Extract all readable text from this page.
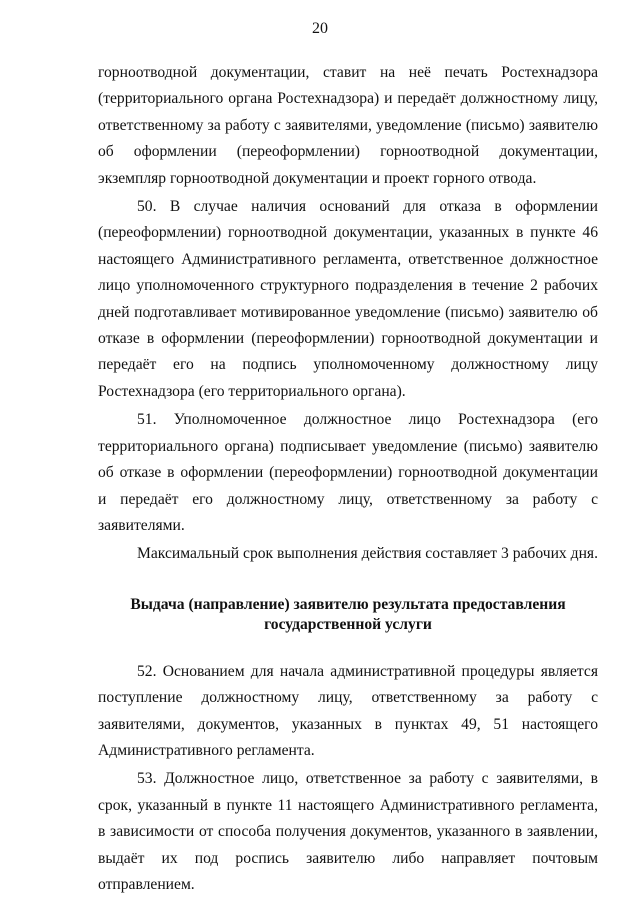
20

горноотводной документации, ставит на неё печать Ростехнадзора (территориального органа Ростехнадзора) и передаёт должностному лицу, ответственному за работу с заявителями, уведомление (письмо) заявителю об оформлении (переоформлении) горноотводной документации, экземпляр горноотводной документации и проект горного отвода.

50. В случае наличия оснований для отказа в оформлении (переоформлении) горноотводной документации, указанных в пункте 46 настоящего Административного регламента, ответственное должностное лицо уполномоченного структурного подразделения в течение 2 рабочих дней подготавливает мотивированное уведомление (письмо) заявителю об отказе в оформлении (переоформлении) горноотводной документации и передаёт его на подпись уполномоченному должностному лицу Ростехнадзора (его территориального органа).

51. Уполномоченное должностное лицо Ростехнадзора (его территориального органа) подписывает уведомление (письмо) заявителю об отказе в оформлении (переоформлении) горноотводной документации и передаёт его должностному лицу, ответственному за работу с заявителями.

Максимальный срок выполнения действия составляет 3 рабочих дня.

Выдача (направление) заявителю результата предоставления
государственной услуги

52. Основанием для начала административной процедуры является поступление должностному лицу, ответственному за работу с заявителями, документов, указанных в пунктах 49, 51 настоящего Административного регламента.

53. Должностное лицо, ответственное за работу с заявителями, в срок, указанный в пункте 11 настоящего Административного регламента, в зависимости от способа получения документов, указанного в заявлении, выдаёт их под роспись заявителю либо направляет почтовым отправлением.
